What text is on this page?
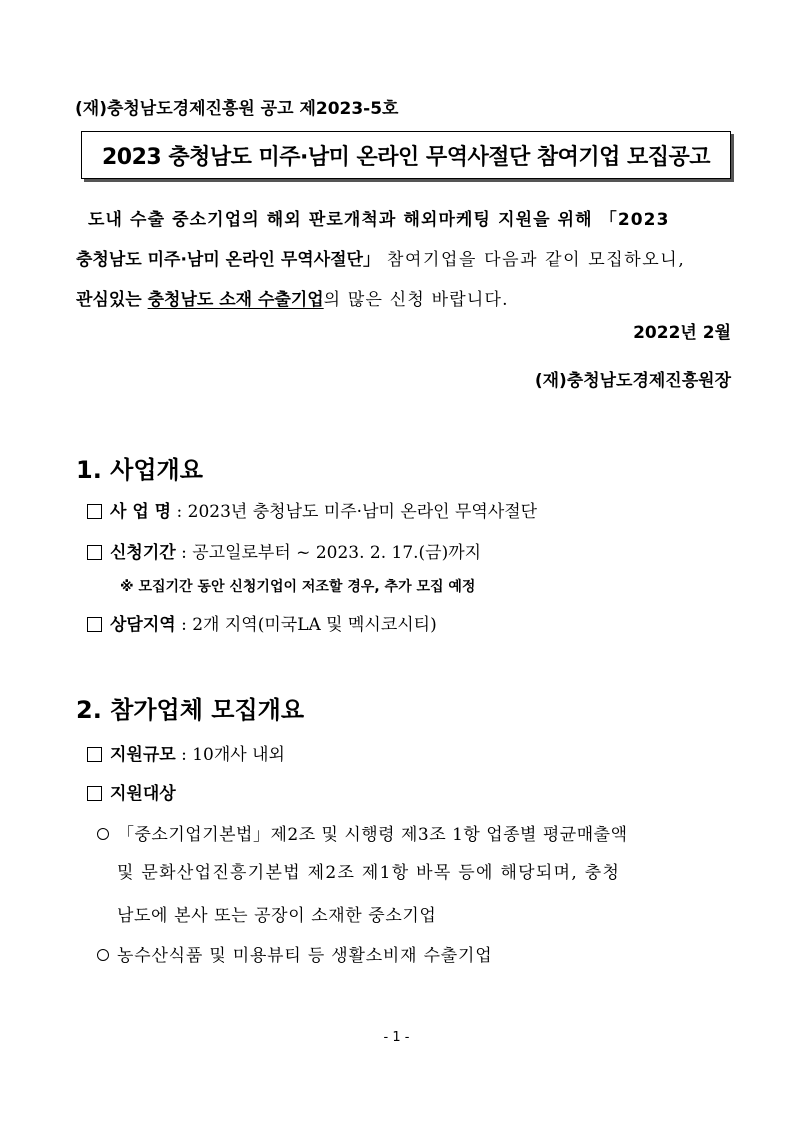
(재)충청남도경제진흥원 공고 제2023-5호
2023 충청남도 미주·남미 온라인 무역사절단 참여기업 모집공고
도내 수출 중소기업의 해외 판로개척과 해외마케팅 지원을 위해 「2023
충청남도 미주·남미 온라인 무역사절단」 참여기업을 다음과 같이 모집하오니,
관심있는 충청남도 소재 수출기업의 많은 신청 바랍니다.
2022년 2월
(재)충청남도경제진흥원장
1. 사업개요
사 업 명 : 2023년 충청남도 미주·남미 온라인 무역사절단
신청기간 : 공고일로부터 ~ 2023. 2. 17.(금)까지
※ 모집기간 동안 신청기업이 저조할 경우, 추가 모집 예정
상담지역 : 2개 지역(미국LA 및 멕시코시티)
2. 참가업체 모집개요
지원규모 : 10개사 내외
지원대상
「중소기업기본법」제2조 및 시행령 제3조 1항 업종별 평균매출액
및 문화산업진흥기본법 제2조 제1항 바목 등에 해당되며, 충청
남도에 본사 또는 공장이 소재한 중소기업
농수산식품 및 미용뷰티 등 생활소비재 수출기업
- 1 -
